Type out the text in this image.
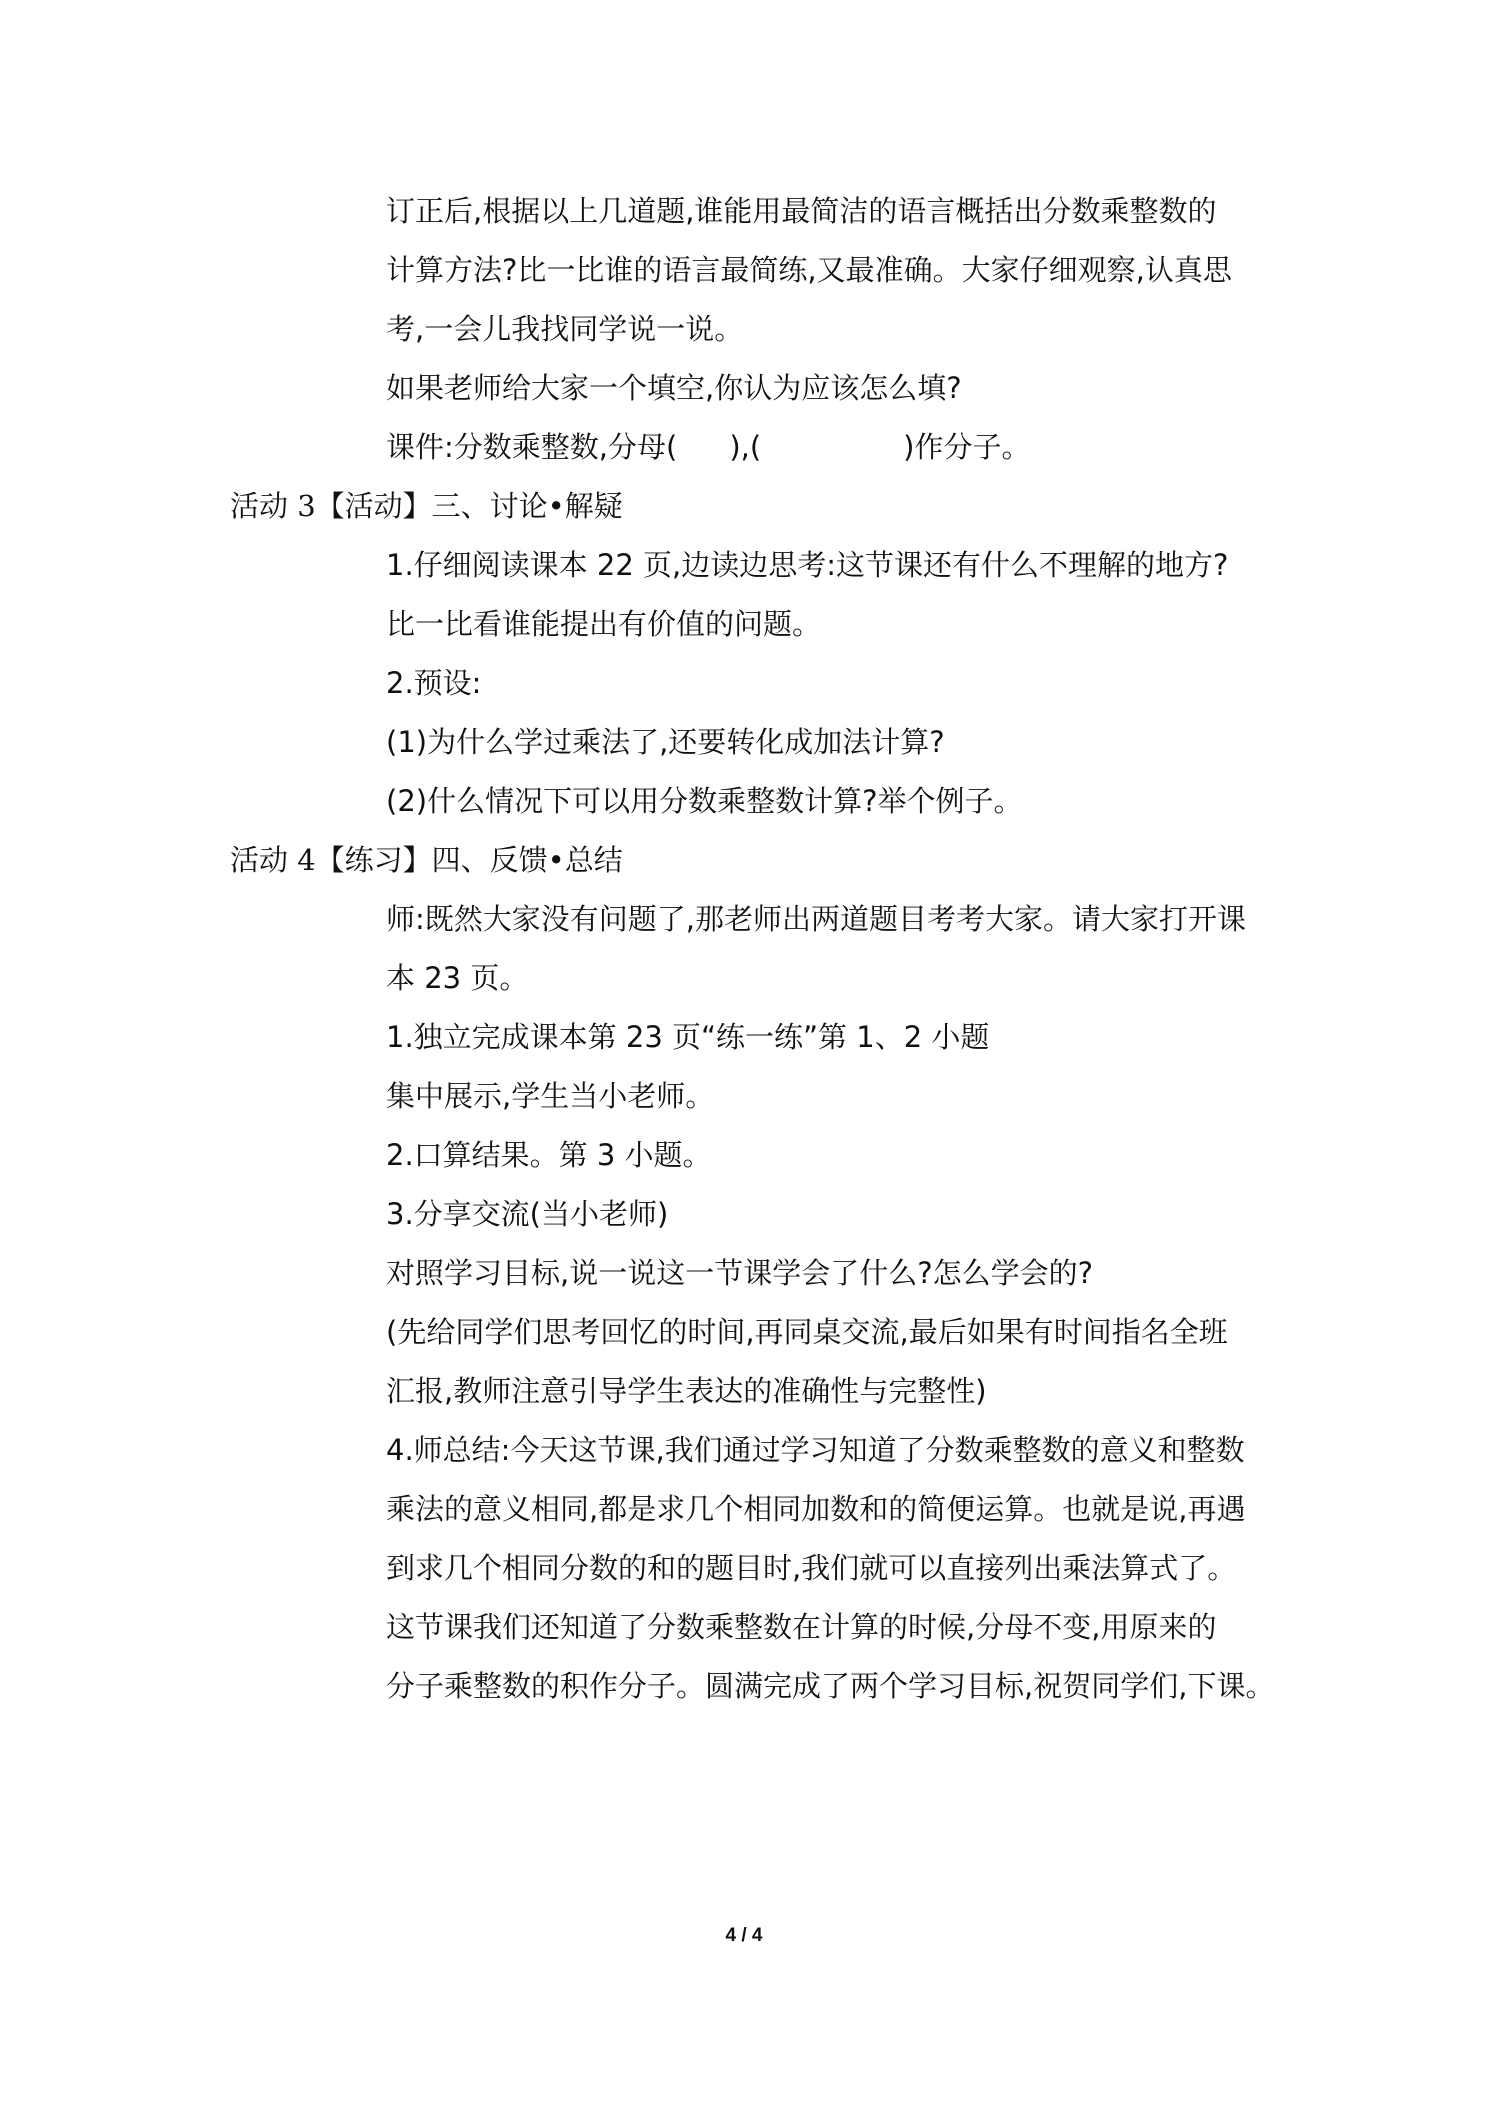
订正后,根据以上几道题,谁能用最简洁的语言概括出分数乘整数的
计算方法?比一比谁的语言最简练,又最准确。大家仔细观察,认真思
考,一会儿我找同学说一说。
如果老师给大家一个填空,你认为应该怎么填?
课件:分数乘整数,分母( ),(	)作分子。
活动 3【活动】三、讨论•解疑
1.仔细阅读课本 22 页,边读边思考:这节课还有什么不理解的地方?
比一比看谁能提出有价值的问题。
2.预设:
(1)为什么学过乘法了,还要转化成加法计算?
(2)什么情况下可以用分数乘整数计算?举个例子。
活动 4【练习】四、反馈•总结
师:既然大家没有问题了,那老师出两道题目考考大家。请大家打开课
本 23 页。
1.独立完成课本第 23 页“练一练”第 1、2 小题
集中展示,学生当小老师。
2.口算结果。第 3 小题。
3.分享交流(当小老师)
对照学习目标,说一说这一节课学会了什么?怎么学会的?
(先给同学们思考回忆的时间,再同桌交流,最后如果有时间指名全班
汇报,教师注意引导学生表达的准确性与完整性)
4.师总结:今天这节课,我们通过学习知道了分数乘整数的意义和整数
乘法的意义相同,都是求几个相同加数和的简便运算。也就是说,再遇
到求几个相同分数的和的题目时,我们就可以直接列出乘法算式了。
这节课我们还知道了分数乘整数在计算的时候,分母不变,用原来的
分子乘整数的积作分子。圆满完成了两个学习目标,祝贺同学们,下课。
4 / 4
